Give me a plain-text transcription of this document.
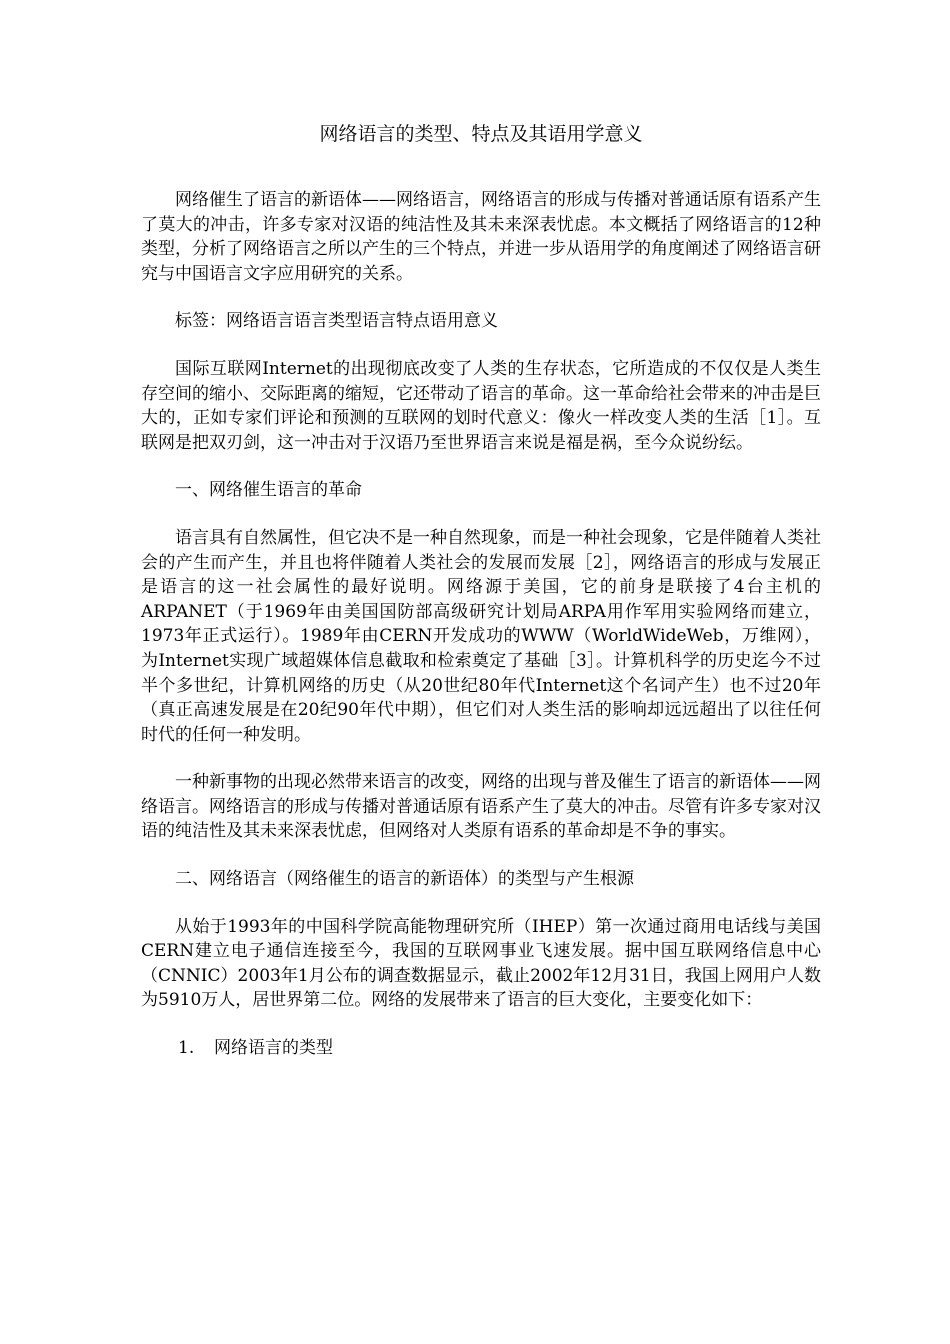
网络语言的类型、特点及其语用学意义

网络催生了语言的新语体——网络语言，网络语言的形成与传播对普通话原有语系产生了莫大的冲击，许多专家对汉语的纯洁性及其未来深表忧虑。本文概括了网络语言的12种类型，分析了网络语言之所以产生的三个特点，并进一步从语用学的角度阐述了网络语言研究与中国语言文字应用研究的关系。

标签：网络语言语言类型语言特点语用意义

国际互联网Internet的出现彻底改变了人类的生存状态，它所造成的不仅仅是人类生存空间的缩小、交际距离的缩短，它还带动了语言的革命。这一革命给社会带来的冲击是巨大的，正如专家们评论和预测的互联网的划时代意义：像火一样改变人类的生活［1］。互联网是把双刃剑，这一冲击对于汉语乃至世界语言来说是福是祸，至今众说纷纭。

一、网络催生语言的革命

语言具有自然属性，但它决不是一种自然现象，而是一种社会现象，它是伴随着人类社会的产生而产生，并且也将伴随着人类社会的发展而发展［2］，网络语言的形成与发展正是语言的这一社会属性的最好说明。网络源于美国，它的前身是联接了4台主机的ARPANET（于1969年由美国国防部高级研究计划局ARPA用作军用实验网络而建立，1973年正式运行）。1989年由CERN开发成功的WWW（WorldWideWeb，万维网），为Internet实现广域超媒体信息截取和检索奠定了基础［3］。计算机科学的历史迄今不过半个多世纪，计算机网络的历史（从20世纪80年代Internet这个名词产生）也不过20年（真正高速发展是在20纪90年代中期），但它们对人类生活的影响却远远超出了以往任何时代的任何一种发明。

一种新事物的出现必然带来语言的改变，网络的出现与普及催生了语言的新语体——网络语言。网络语言的形成与传播对普通话原有语系产生了莫大的冲击。尽管有许多专家对汉语的纯洁性及其未来深表忧虑，但网络对人类原有语系的革命却是不争的事实。

二、网络语言（网络催生的语言的新语体）的类型与产生根源

从始于1993年的中国科学院高能物理研究所（IHEP）第一次通过商用电话线与美国CERN建立电子通信连接至今，我国的互联网事业飞速发展。据中国互联网络信息中心（CNNIC）2003年1月公布的调查数据显示，截止2002年12月31日，我国上网用户人数为5910万人，居世界第二位。网络的发展带来了语言的巨大变化，主要变化如下：

1.	网络语言的类型
